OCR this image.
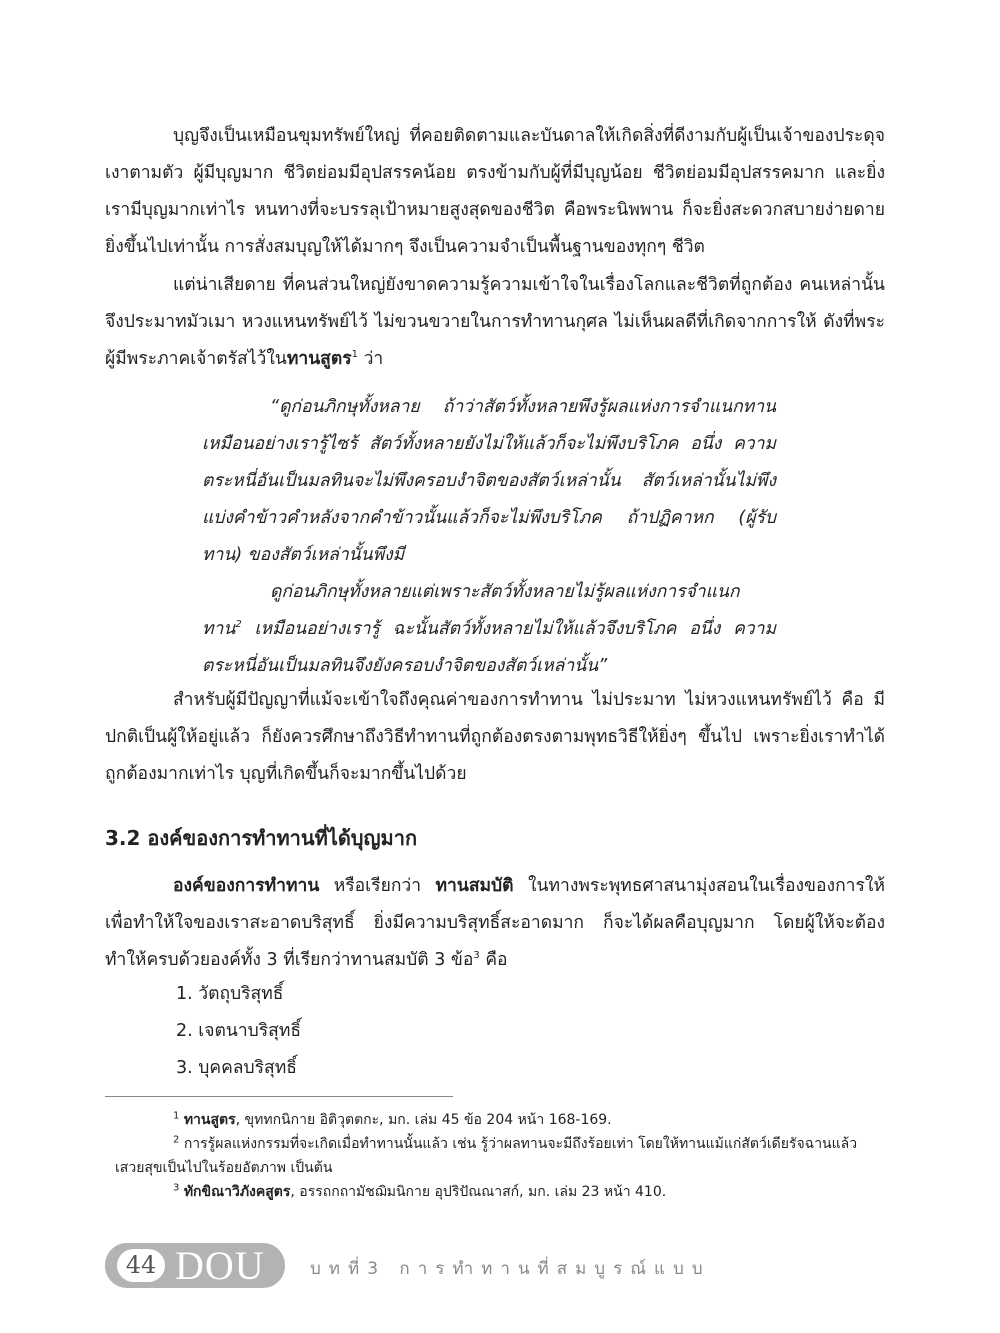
บุญจึงเป็นเหมือนขุมทรัพย์ใหญ่ ที่คอยติดตามและบันดาลให้เกิดสิ่งที่ดีงามกับผู้เป็นเจ้าของประดุจเงาตามตัว ผู้มีบุญมาก ชีวิตย่อมมีอุปสรรคน้อย ตรงข้ามกับผู้ที่มีบุญน้อย ชีวิตย่อมมีอุปสรรคมาก และยิ่งเรามีบุญมากเท่าไร หนทางที่จะบรรลุเป้าหมายสูงสุดของชีวิต คือพระนิพพาน ก็จะยิ่งสะดวกสบายง่ายดายยิ่งขึ้นไปเท่านั้น การสั่งสมบุญให้ได้มากๆ จึงเป็นความจำเป็นพื้นฐานของทุกๆ ชีวิต

แต่น่าเสียดาย ที่คนส่วนใหญ่ยังขาดความรู้ความเข้าใจในเรื่องโลกและชีวิตที่ถูกต้อง คนเหล่านั้นจึงประมาทมัวเมา หวงแหนทรัพย์ไว้ ไม่ขวนขวายในการทำทานกุศล ไม่เห็นผลดีที่เกิดจากการให้ ดังที่พระผู้มีพระภาคเจ้าตรัสไว้ในทานสูตร$^1$ ว่า

“ดูก่อนภิกษุทั้งหลาย ถ้าว่าสัตว์ทั้งหลายพึงรู้ผลแห่งการจำแนกทานเหมือนอย่างเรารู้ไซร้ สัตว์ทั้งหลายยังไม่ให้แล้วก็จะไม่พึงบริโภค อนึ่ง ความตระหนี่อันเป็นมลทินจะไม่พึงครอบงำจิตของสัตว์เหล่านั้น สัตว์เหล่านั้นไม่พึงแบ่งคำข้าวคำหลังจากคำข้าวนั้นแล้วก็จะไม่พึงบริโภค ถ้าปฏิคาหก (ผู้รับทาน) ของสัตว์เหล่านั้นพึงมี

ดูก่อนภิกษุทั้งหลายแต่เพราะสัตว์ทั้งหลายไม่รู้ผลแห่งการจำแนกทาน$^2$ เหมือนอย่างเรารู้ ฉะนั้นสัตว์ทั้งหลายไม่ให้แล้วจึงบริโภค อนึ่ง ความตระหนี่อันเป็นมลทินจึงยังครอบงำจิตของสัตว์เหล่านั้น”

สำหรับผู้มีปัญญาที่แม้จะเข้าใจถึงคุณค่าของการทำทาน ไม่ประมาท ไม่หวงแหนทรัพย์ไว้ คือ มีปกติเป็นผู้ให้อยู่แล้ว ก็ยังควรศึกษาถึงวิธีทำทานที่ถูกต้องตรงตามพุทธวิธีให้ยิ่งๆ ขึ้นไป เพราะยิ่งเราทำได้ถูกต้องมากเท่าไร บุญที่เกิดขึ้นก็จะมากขึ้นไปด้วย

3.2 องค์ของการทำทานที่ได้บุญมาก

องค์ของการทำทาน หรือเรียกว่า ทานสมบัติ ในทางพระพุทธศาสนามุ่งสอนในเรื่องของการให้เพื่อทำให้ใจของเราสะอาดบริสุทธิ์ ยิ่งมีความบริสุทธิ์สะอาดมาก ก็จะได้ผลคือบุญมาก โดยผู้ให้จะต้องทำให้ครบด้วยองค์ทั้ง 3 ที่เรียกว่าทานสมบัติ 3 ข้อ$^3$ คือ

1. วัตถุบริสุทธิ์
2. เจตนาบริสุทธิ์
3. บุคคลบริสุทธิ์

$^1$ ทานสูตร, ขุททกนิกาย อิติวุตตกะ, มก. เล่ม 45 ข้อ 204 หน้า 168-169.

$^2$ การรู้ผลแห่งกรรมที่จะเกิดเมื่อทำทานนั้นแล้ว เช่น รู้ว่าผลทานจะมีถึงร้อยเท่า โดยให้ทานแม้แก่สัตว์เดียรัจฉานแล้วเสวยสุขเป็นไปในร้อยอัตภาพ เป็นต้น

$^3$ ทักขิณาวิภังคสูตร, อรรถกถามัชฌิมนิกาย อุปริปัณณาสก์, มก. เล่ม 23 หน้า 410.

44 DOU	บทที่3 การทำทานที่สมบูรณ์แบบ
